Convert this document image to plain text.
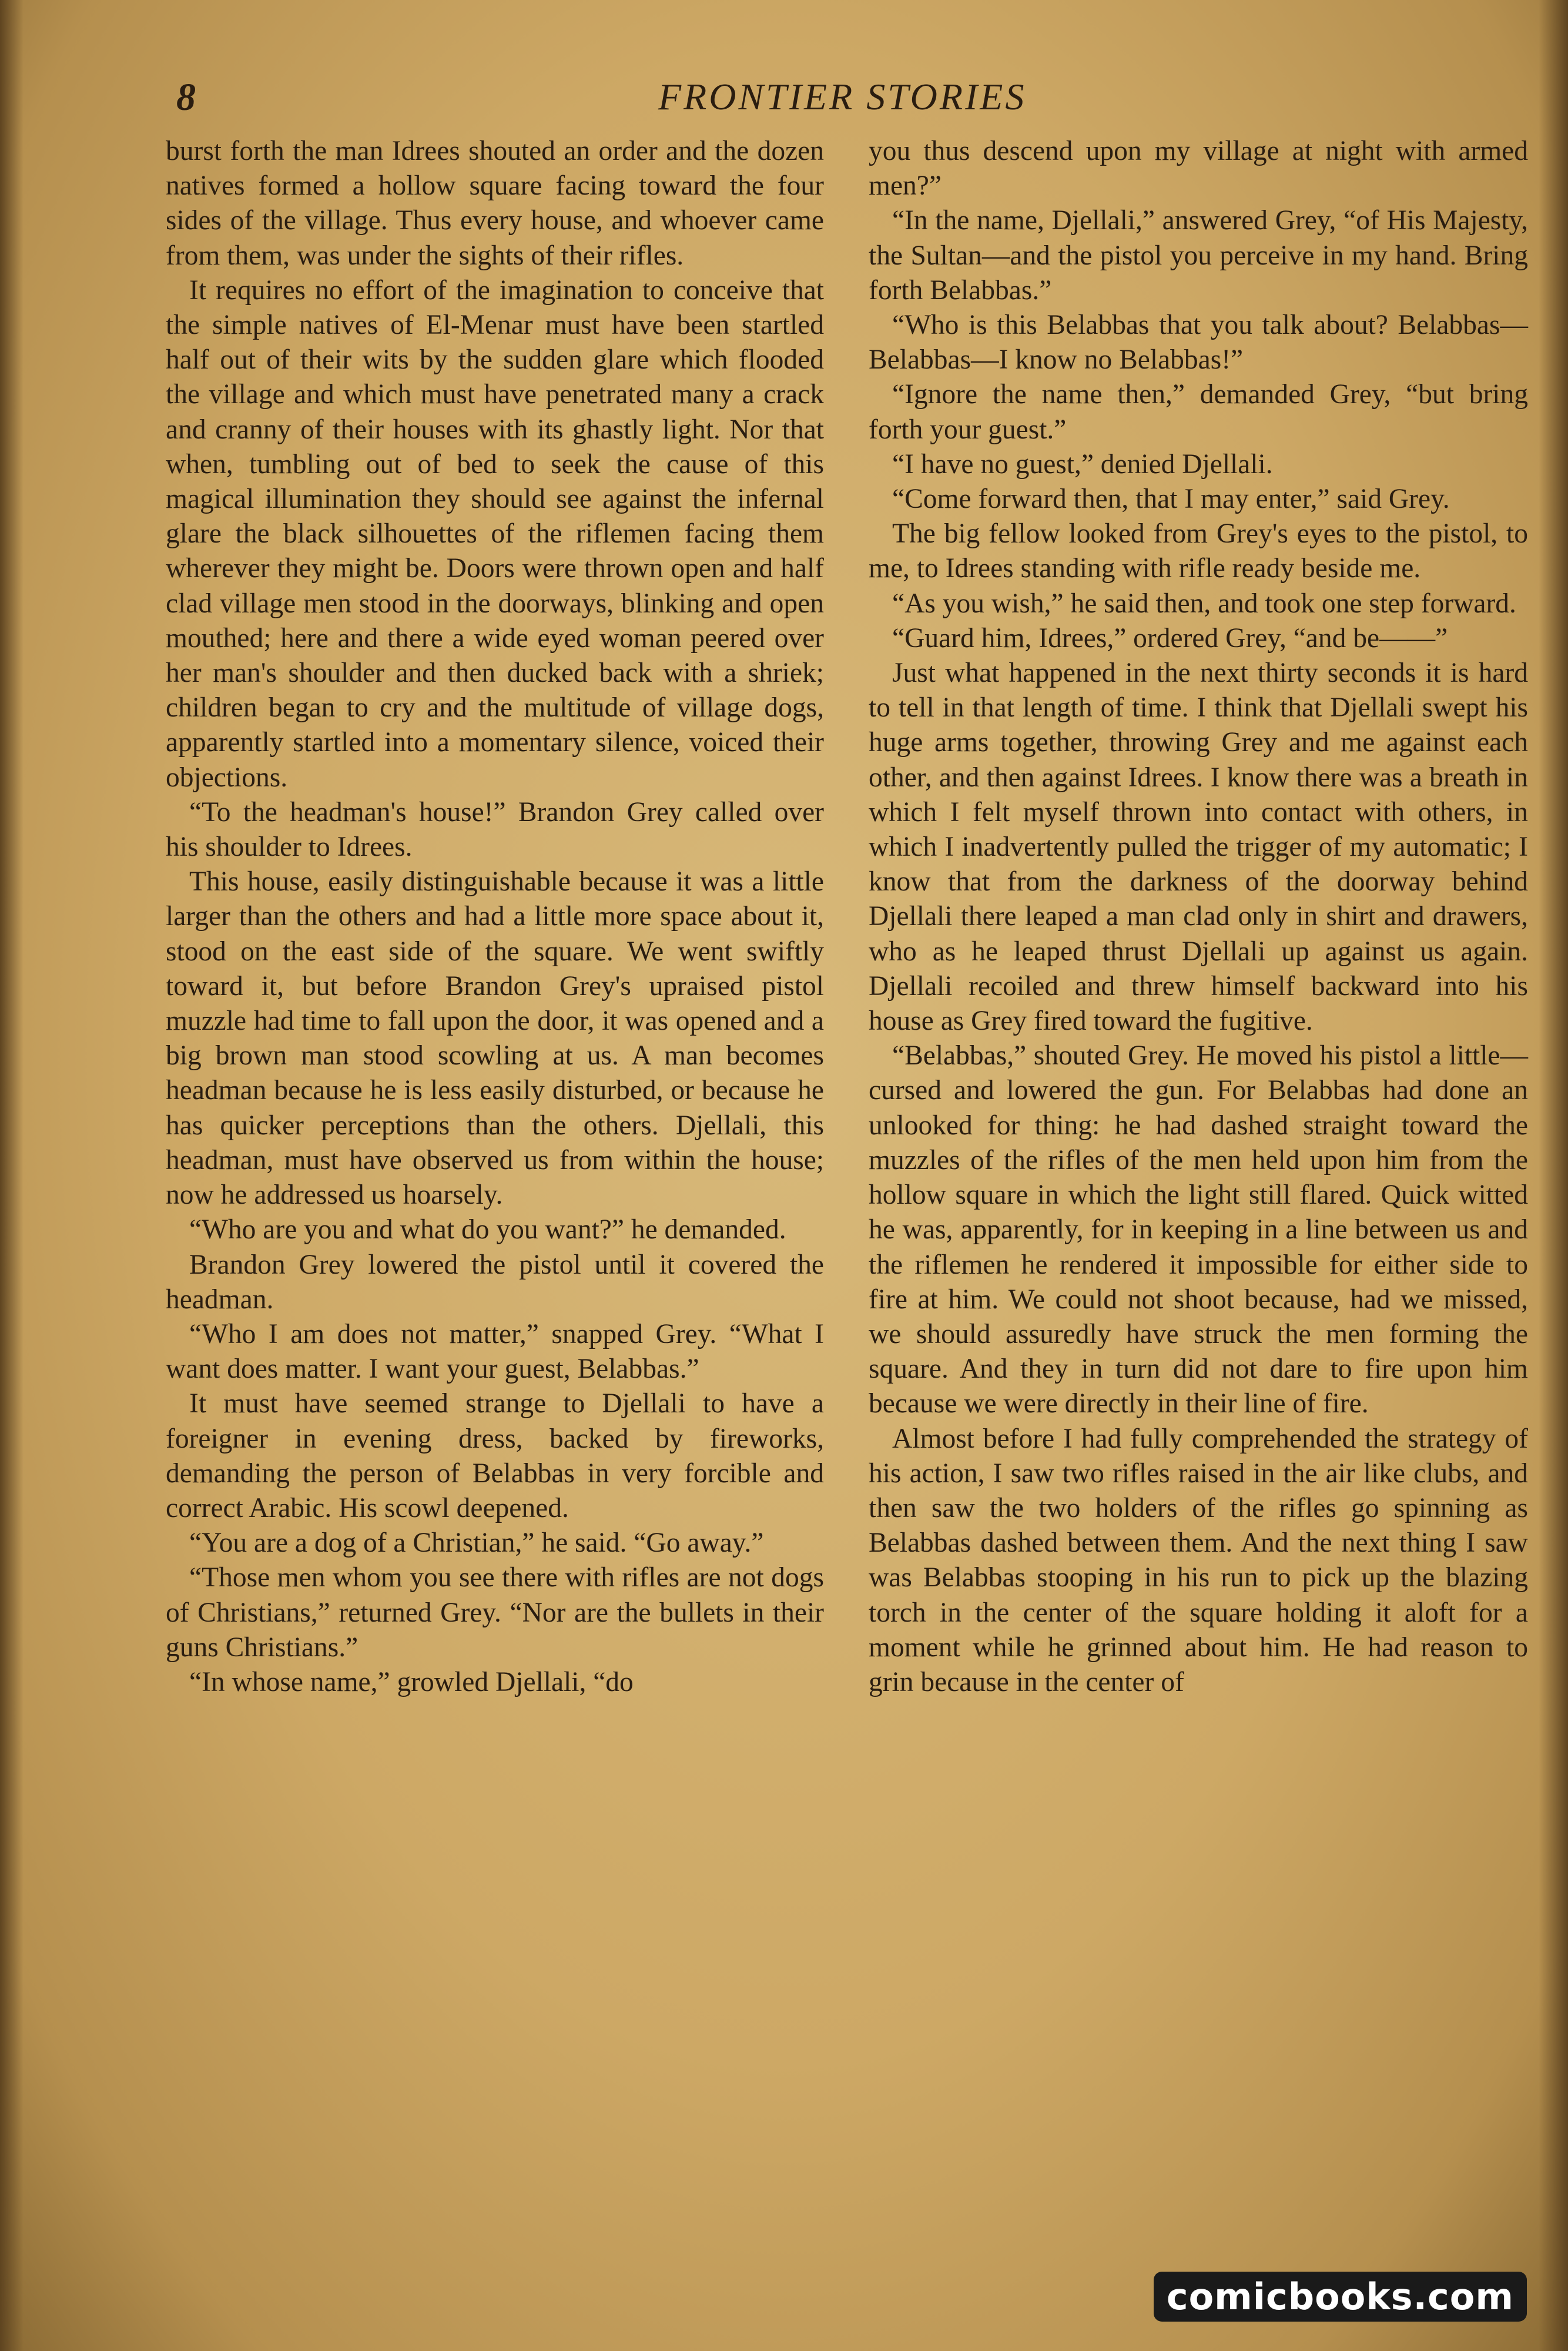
8	FRONTIER STORIES

burst forth the man Idrees shouted an order and the dozen natives formed a hollow square facing toward the four sides of the village. Thus every house, and whoever came from them, was under the sights of their rifles.

It requires no effort of the imagination to conceive that the simple natives of El-Menar must have been startled half out of their wits by the sudden glare which flooded the village and which must have penetrated many a crack and cranny of their houses with its ghastly light. Nor that when, tumbling out of bed to seek the cause of this magical illumination they should see against the infernal glare the black silhouettes of the riflemen facing them wherever they might be. Doors were thrown open and half clad village men stood in the doorways, blinking and open mouthed; here and there a wide eyed woman peered over her man's shoulder and then ducked back with a shriek; children began to cry and the multitude of village dogs, apparently startled into a momentary silence, voiced their objections.

“To the headman's house!” Brandon Grey called over his shoulder to Idrees.

This house, easily distinguishable because it was a little larger than the others and had a little more space about it, stood on the east side of the square. We went swiftly toward it, but before Brandon Grey's upraised pistol muzzle had time to fall upon the door, it was opened and a big brown man stood scowling at us. A man becomes headman because he is less easily disturbed, or because he has quicker perceptions than the others. Djellali, this headman, must have observed us from within the house; now he addressed us hoarsely.

“Who are you and what do you want?” he demanded.

Brandon Grey lowered the pistol until it covered the headman.

“Who I am does not matter,” snapped Grey. “What I want does matter. I want your guest, Belabbas.”

It must have seemed strange to Djellali to have a foreigner in evening dress, backed by fireworks, demanding the person of Belabbas in very forcible and correct Arabic. His scowl deepened.

“You are a dog of a Christian,” he said. “Go away.”

“Those men whom you see there with rifles are not dogs of Christians,” returned Grey. “Nor are the bullets in their guns Christians.”

“In whose name,” growled Djellali, “do

you thus descend upon my village at night with armed men?”

“In the name, Djellali,” answered Grey, “of His Majesty, the Sultan—and the pistol you perceive in my hand. Bring forth Belabbas.”

“Who is this Belabbas that you talk about? Belabbas—Belabbas—I know no Belabbas!”

“Ignore the name then,” demanded Grey, “but bring forth your guest.”

“I have no guest,” denied Djellali.

“Come forward then, that I may enter,” said Grey.

The big fellow looked from Grey's eyes to the pistol, to me, to Idrees standing with rifle ready beside me.

“As you wish,” he said then, and took one step forward.

“Guard him, Idrees,” ordered Grey, “and be——”

Just what happened in the next thirty seconds it is hard to tell in that length of time. I think that Djellali swept his huge arms together, throwing Grey and me against each other, and then against Idrees. I know there was a breath in which I felt myself thrown into contact with others, in which I inadvertently pulled the trigger of my automatic; I know that from the darkness of the doorway behind Djellali there leaped a man clad only in shirt and drawers, who as he leaped thrust Djellali up against us again. Djellali recoiled and threw himself backward into his house as Grey fired toward the fugitive.

“Belabbas,” shouted Grey. He moved his pistol a little—cursed and lowered the gun. For Belabbas had done an unlooked for thing: he had dashed straight toward the muzzles of the rifles of the men held upon him from the hollow square in which the light still flared. Quick witted he was, apparently, for in keeping in a line between us and the riflemen he rendered it impossible for either side to fire at him. We could not shoot because, had we missed, we should assuredly have struck the men forming the square. And they in turn did not dare to fire upon him because we were directly in their line of fire.

Almost before I had fully comprehended the strategy of his action, I saw two rifles raised in the air like clubs, and then saw the two holders of the rifles go spinning as Belabbas dashed between them. And the next thing I saw was Belabbas stooping in his run to pick up the blazing torch in the center of the square holding it aloft for a moment while he grinned about him. He had reason to grin because in the center of

comicbooks.com
